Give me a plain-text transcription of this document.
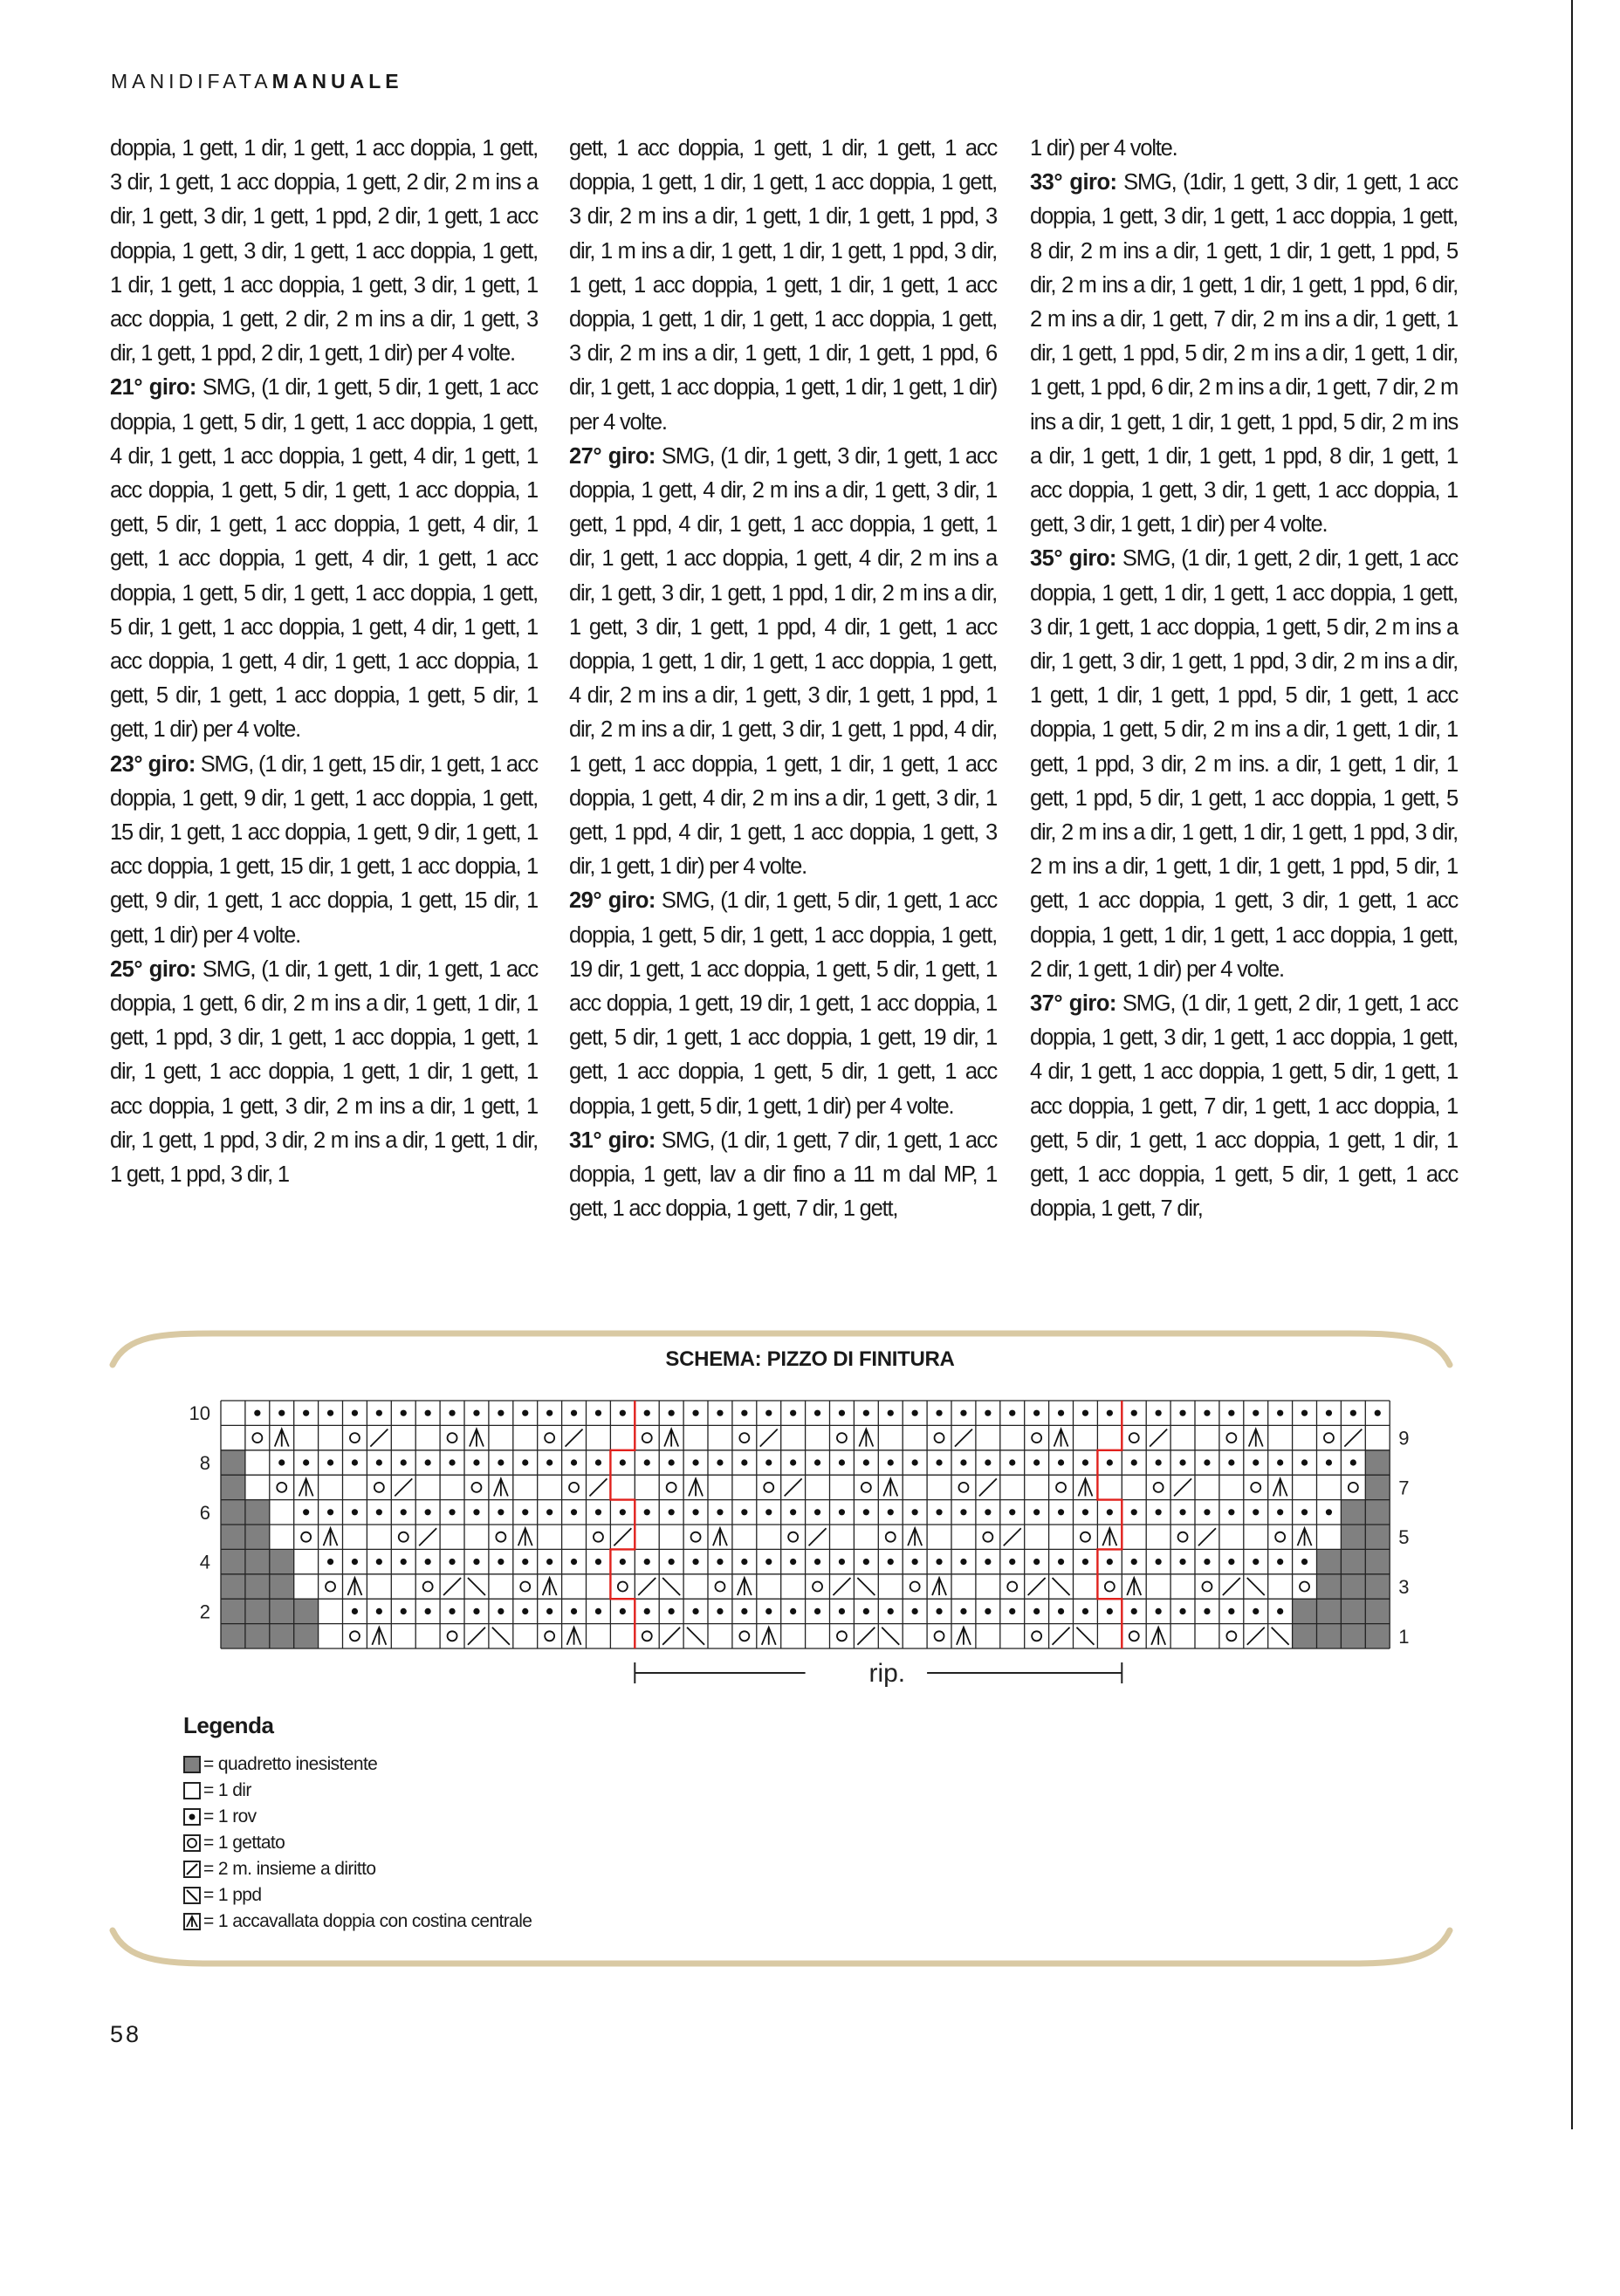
MANIDIFATAMANUALE

doppia, 1 gett, 1 dir, 1 gett, 1 acc doppia, 1 gett, 3 dir, 1 gett, 1 acc doppia, 1 gett, 2 dir, 2 m ins a dir, 1 gett, 3 dir, 1 gett, 1 ppd, 2 dir, 1 gett, 1 acc doppia, 1 gett, 3 dir, 1 gett, 1 acc doppia, 1 gett, 1 dir, 1 gett, 1 acc doppia, 1 gett, 3 dir, 1 gett, 1 acc doppia, 1 gett, 2 dir, 2 m ins a dir, 1 gett, 3 dir, 1 gett, 1 ppd, 2 dir, 1 gett, 1 dir) per 4 volte.

21° giro: SMG, (1 dir, 1 gett, 5 dir, 1 gett, 1 acc doppia, 1 gett, 5 dir, 1 gett, 1 acc doppia, 1 gett, 4 dir, 1 gett, 1 acc doppia, 1 gett, 4 dir, 1 gett, 1 acc doppia, 1 gett, 5 dir, 1 gett, 1 acc doppia, 1 gett, 5 dir, 1 gett, 1 acc doppia, 1 gett, 4 dir, 1 gett, 1 acc doppia, 1 gett, 4 dir, 1 gett, 1 acc doppia, 1 gett, 5 dir, 1 gett, 1 acc doppia, 1 gett, 5 dir, 1 gett, 1 acc doppia, 1 gett, 4 dir, 1 gett, 1 acc doppia, 1 gett, 4 dir, 1 gett, 1 acc doppia, 1 gett, 5 dir, 1 gett, 1 acc doppia, 1 gett, 5 dir, 1 gett, 1 dir) per 4 volte.

23° giro: SMG, (1 dir, 1 gett, 15 dir, 1 gett, 1 acc doppia, 1 gett, 9 dir, 1 gett, 1 acc doppia, 1 gett, 15 dir, 1 gett, 1 acc doppia, 1 gett, 9 dir, 1 gett, 1 acc doppia, 1 gett, 15 dir, 1 gett, 1 acc doppia, 1 gett, 9 dir, 1 gett, 1 acc doppia, 1 gett, 15 dir, 1 gett, 1 dir) per 4 volte.

25° giro: SMG, (1 dir, 1 gett, 1 dir, 1 gett, 1 acc doppia, 1 gett, 6 dir, 2 m ins a dir, 1 gett, 1 dir, 1 gett, 1 ppd, 3 dir, 1 gett, 1 acc doppia, 1 gett, 1 dir, 1 gett, 1 acc doppia, 1 gett, 1 dir, 1 gett, 1 acc doppia, 1 gett, 3 dir, 2 m ins a dir, 1 gett, 1 dir, 1 gett, 1 ppd, 3 dir, 2 m ins a dir, 1 gett, 1 dir, 1 gett, 1 ppd, 3 dir, 1

gett, 1 acc doppia, 1 gett, 1 dir, 1 gett, 1 acc doppia, 1 gett, 1 dir, 1 gett, 1 acc doppia, 1 gett, 3 dir, 2 m ins a dir, 1 gett, 1 dir, 1 gett, 1 ppd, 3 dir, 1 m ins a dir, 1 gett, 1 dir, 1 gett, 1 ppd, 3 dir, 1 gett, 1 acc doppia, 1 gett, 1 dir, 1 gett, 1 acc doppia, 1 gett, 1 dir, 1 gett, 1 acc doppia, 1 gett, 3 dir, 2 m ins a dir, 1 gett, 1 dir, 1 gett, 1 ppd, 6 dir, 1 gett, 1 acc doppia, 1 gett, 1 dir, 1 gett, 1 dir) per 4 volte.

27° giro: SMG, (1 dir, 1 gett, 3 dir, 1 gett, 1 acc doppia, 1 gett, 4 dir, 2 m ins a dir, 1 gett, 3 dir, 1 gett, 1 ppd, 4 dir, 1 gett, 1 acc doppia, 1 gett, 1 dir, 1 gett, 1 acc doppia, 1 gett, 4 dir, 2 m ins a dir, 1 gett, 3 dir, 1 gett, 1 ppd, 1 dir, 2 m ins a dir, 1 gett, 3 dir, 1 gett, 1 ppd, 4 dir, 1 gett, 1 acc doppia, 1 gett, 1 dir, 1 gett, 1 acc doppia, 1 gett, 4 dir, 2 m ins a dir, 1 gett, 3 dir, 1 gett, 1 ppd, 1 dir, 2 m ins a dir, 1 gett, 3 dir, 1 gett, 1 ppd, 4 dir, 1 gett, 1 acc doppia, 1 gett, 1 dir, 1 gett, 1 acc doppia, 1 gett, 4 dir, 2 m ins a dir, 1 gett, 3 dir, 1 gett, 1 ppd, 4 dir, 1 gett, 1 acc doppia, 1 gett, 3 dir, 1 gett, 1 dir) per 4 volte.

29° giro: SMG, (1 dir, 1 gett, 5 dir, 1 gett, 1 acc doppia, 1 gett, 5 dir, 1 gett, 1 acc doppia, 1 gett, 19 dir, 1 gett, 1 acc doppia, 1 gett, 5 dir, 1 gett, 1 acc doppia, 1 gett, 19 dir, 1 gett, 1 acc doppia, 1 gett, 5 dir, 1 gett, 1 acc doppia, 1 gett, 19 dir, 1 gett, 1 acc doppia, 1 gett, 5 dir, 1 gett, 1 acc doppia, 1 gett, 5 dir, 1 gett, 1 dir) per 4 volte.

31° giro: SMG, (1 dir, 1 gett, 7 dir, 1 gett, 1 acc doppia, 1 gett, lav a dir fino a 11 m dal MP, 1 gett, 1 acc doppia, 1 gett, 7 dir, 1 gett,

1 dir) per 4 volte.

33° giro: SMG, (1dir, 1 gett, 3 dir, 1 gett, 1 acc doppia, 1 gett, 3 dir, 1 gett, 1 acc doppia, 1 gett, 8 dir, 2 m ins a dir, 1 gett, 1 dir, 1 gett, 1 ppd, 5 dir, 2 m ins a dir, 1 gett, 1 dir, 1 gett, 1 ppd, 6 dir, 2 m ins a dir, 1 gett, 7 dir, 2 m ins a dir, 1 gett, 1 dir, 1 gett, 1 ppd, 5 dir, 2 m ins a dir, 1 gett, 1 dir, 1 gett, 1 ppd, 6 dir, 2 m ins a dir, 1 gett, 7 dir, 2 m ins a dir, 1 gett, 1 dir, 1 gett, 1 ppd, 5 dir, 2 m ins a dir, 1 gett, 1 dir, 1 gett, 1 ppd, 8 dir, 1 gett, 1 acc doppia, 1 gett, 3 dir, 1 gett, 1 acc doppia, 1 gett, 3 dir, 1 gett, 1 dir) per 4 volte.

35° giro: SMG, (1 dir, 1 gett, 2 dir, 1 gett, 1 acc doppia, 1 gett, 1 dir, 1 gett, 1 acc doppia, 1 gett, 3 dir, 1 gett, 1 acc doppia, 1 gett, 5 dir, 2 m ins a dir, 1 gett, 3 dir, 1 gett, 1 ppd, 3 dir, 2 m ins a dir, 1 gett, 1 dir, 1 gett, 1 ppd, 5 dir, 1 gett, 1 acc doppia, 1 gett, 5 dir, 2 m ins a dir, 1 gett, 1 dir, 1 gett, 1 ppd, 3 dir, 2 m ins. a dir, 1 gett, 1 dir, 1 gett, 1 ppd, 5 dir, 1 gett, 1 acc doppia, 1 gett, 5 dir, 2 m ins a dir, 1 gett, 1 dir, 1 gett, 1 ppd, 3 dir, 2 m ins a dir, 1 gett, 1 dir, 1 gett, 1 ppd, 5 dir, 1 gett, 1 acc doppia, 1 gett, 3 dir, 1 gett, 1 acc doppia, 1 gett, 1 dir, 1 gett, 1 acc doppia, 1 gett, 2 dir, 1 gett, 1 dir) per 4 volte.

37° giro: SMG, (1 dir, 1 gett, 2 dir, 1 gett, 1 acc doppia, 1 gett, 3 dir, 1 gett, 1 acc doppia, 1 gett, 4 dir, 1 gett, 1 acc doppia, 1 gett, 5 dir, 1 gett, 1 acc doppia, 1 gett, 7 dir, 1 gett, 1 acc doppia, 1 gett, 5 dir, 1 gett, 1 acc doppia, 1 gett, 1 dir, 1 gett, 1 acc doppia, 1 gett, 5 dir, 1 gett, 1 acc doppia, 1 gett, 7 dir,

SCHEMA: PIZZO DI FINITURA
10
8
6
4
2
9
7
5
3
1
rip.
Legenda
= quadretto inesistente
= 1 dir
= 1 rov
= 1 gettato
= 2 m. insieme a diritto
= 1 ppd
= 1 accavallata doppia con costina centrale
58
